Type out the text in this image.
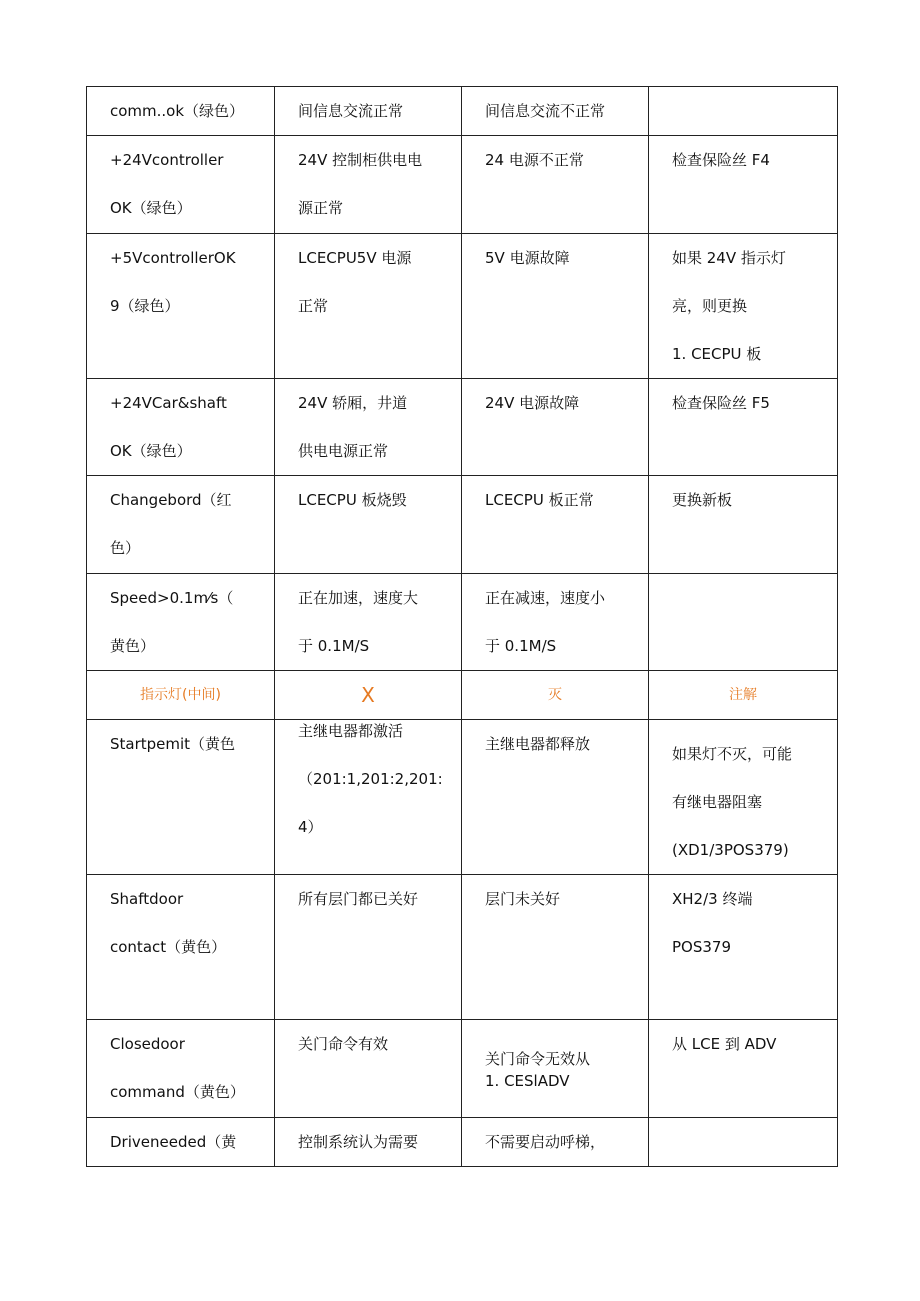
comm..ok（绿色）	间信息交流正常	间信息交流不正常	

+24Vcontroller
OK（绿色）	24V 控制柜供电电
源正常	24 电源不正常	检查保险丝 F4

+5VcontrollerOK
9（绿色）	LCECPU5V 电源
正常	5V 电源故障	如果 24V 指示灯
亮，则更换
1. CECPU 板

+24VCar&shaft
OK（绿色）	24V 轿厢，井道
供电电源正常	24V 电源故障	检查保险丝 F5

Changebord（红
色）	LCECPU 板烧毁	LCECPU 板正常	更换新板

Speed>0.1m⁄s（
黄色）	正在加速，速度大
于 0.1M/S	正在减速，速度小
于 0.1M/S	

指示灯(中间)	X	灭	注解

Startpemit（黄色	主继电器都激活
（201:1,201:2,201:
4）	主继电器都释放	如果灯不灭，可能
有继电器阻塞
(XD1/3POS379)

Shaftdoor
contact（黄色）	所有层门都已关好	层门未关好	XH2/3 终端
POS379

Closedoor
command（黄色）	关门命令有效	关门命令无效从
1. CESlADV	从 LCE 到 ADV

Driveneeded（黄	控制系统认为需要	不需要启动呼梯，	
